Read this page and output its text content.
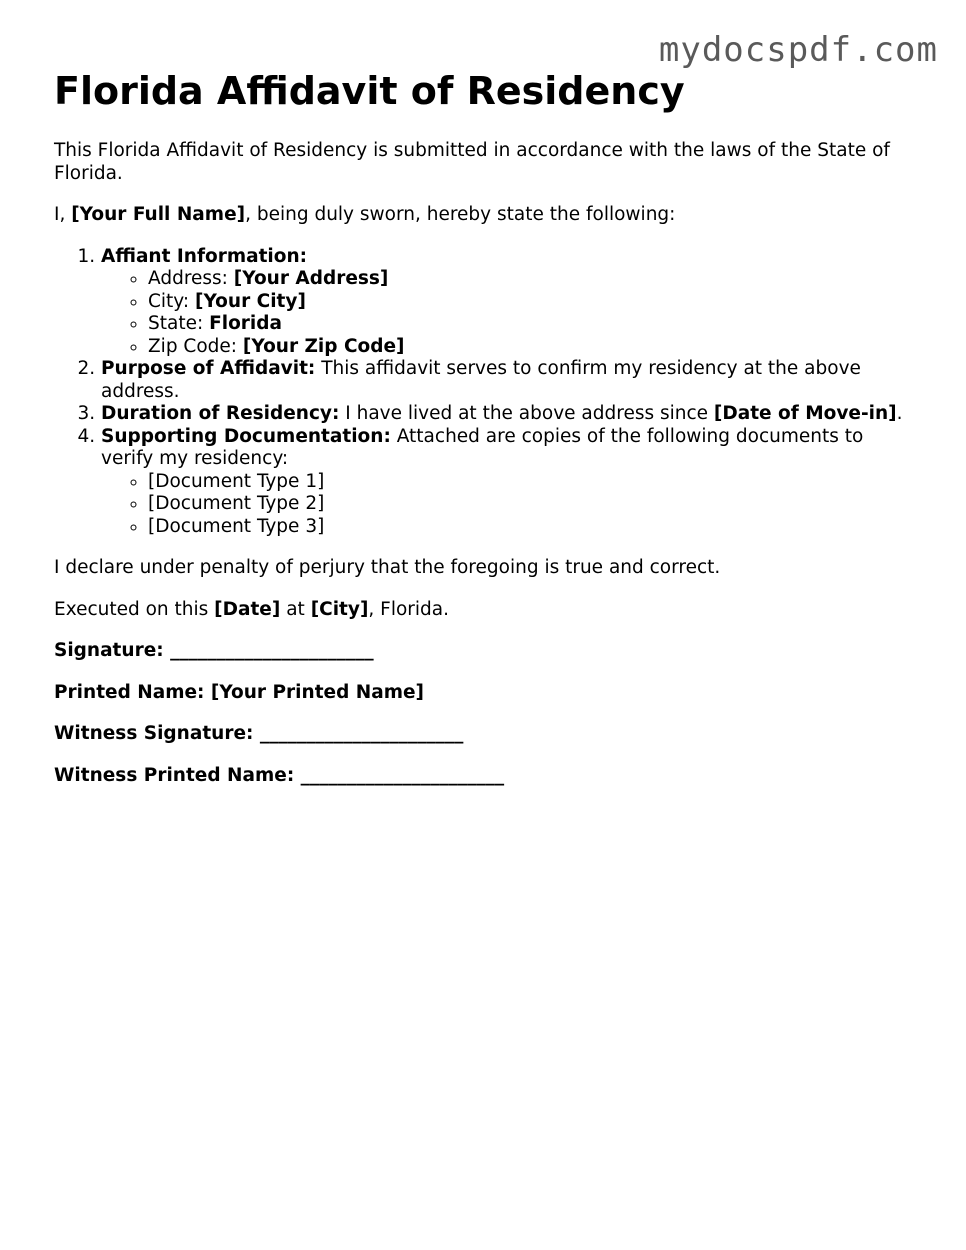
mydocspdf.com
Florida Affidavit of Residency

This Florida Affidavit of Residency is submitted in accordance with the laws of the State of Florida.

I, [Your Full Name], being duly sworn, hereby state the following:

1. Affiant Information:
◦ Address: [Your Address]
◦ City: [Your City]
◦ State: Florida
◦ Zip Code: [Your Zip Code]
2. Purpose of Affidavit: This affidavit serves to confirm my residency at the above address.
3. Duration of Residency: I have lived at the above address since [Date of Move-in].
4. Supporting Documentation: Attached are copies of the following documents to verify my residency:
◦ [Document Type 1]
◦ [Document Type 2]
◦ [Document Type 3]

I declare under penalty of perjury that the foregoing is true and correct.

Executed on this [Date] at [City], Florida.

Signature: ______________________

Printed Name: [Your Printed Name]

Witness Signature: ______________________

Witness Printed Name: ______________________
